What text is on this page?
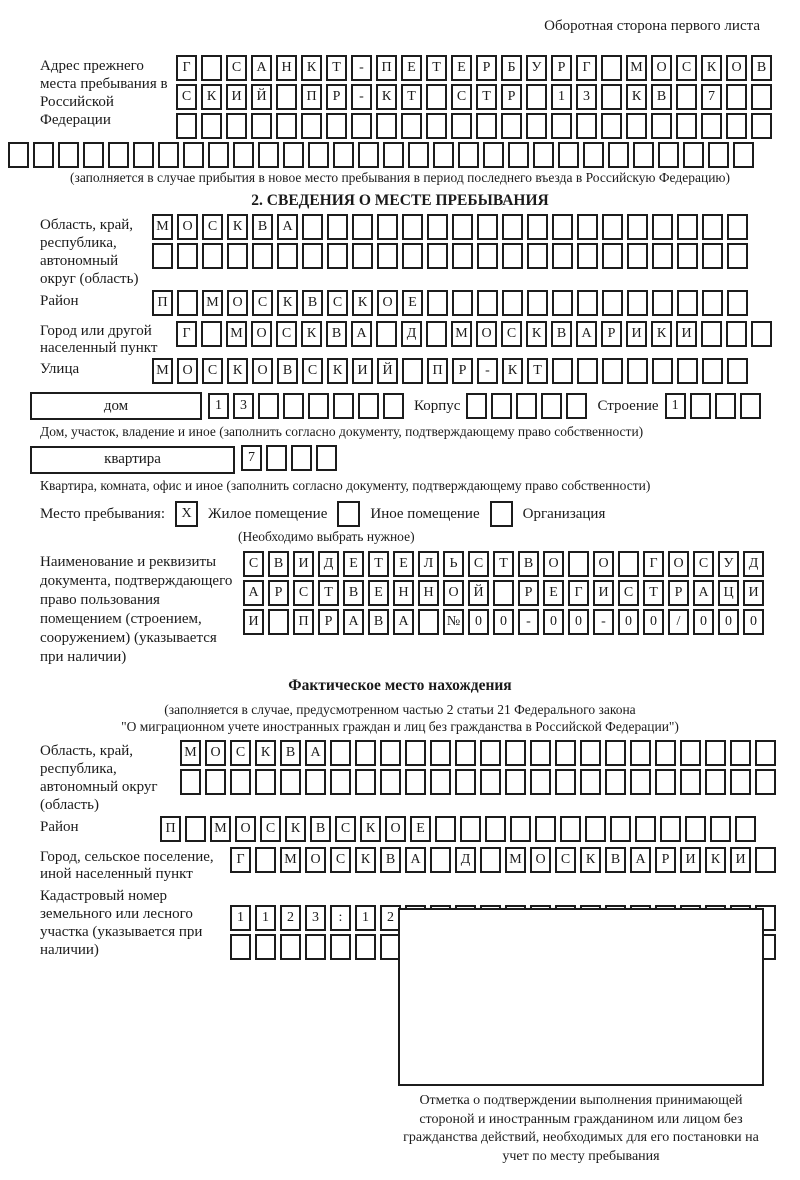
Оборотная сторона первого листа
Адрес прежнего места пребывания в Российской Федерации
Г	С	А	Н	К	Т	-	П	Е	Т	Е	Р	Б	У	Р	Г	М О	С	К	О	В
С	К	И	Й	П	Р	-	К	Т	С	Т	Р	1	3	К	В	7
(заполняется в случае прибытия в новое место пребывания в период последнего въезда в Российскую Федерацию)
2. СВЕДЕНИЯ О МЕСТЕ ПРЕБЫВАНИЯ
Область, край, республика, автономный округ (область)
М О	С	К	В	А
Район	П	М О	С	К	В	С	К	О	Е
Город или другой населенный пункт
Г	М О	С	К	В	А	Д	М О	С	К	В	А	Р	И	К	И
Улица	М О	С	К	О	В	С	К	И	Й	П	Р	-	К	Т
дом	1	3	Корпус	Строение 1
Дом, участок, владение и иное (заполнить согласно документу, подтверждающему право собственности)
квартира	7
Квартира, комната, офис и иное (заполнить согласно документу, подтверждающему право собственности)
Место пребывания:	X	Жилое помещение	Иное помещение	Организация
(Необходимо выбрать нужное)
Наименование и реквизиты документа, подтверждающего право пользования помещением (строением, сооружением) (указывается при наличии)
С	В	И	Д	Е	Т	Е	Л	Ь	С	Т	В	О	О	Г	О	С	У	Д
А	Р	С	Т	В	Е	Н	Н	О	Й	Р	Е	Г	И	С	Т	Р	А	Ц	И
И	П	Р	А	В	А	№	0	0	-	0	0	-	0	0	/	0	0	0
Фактическое место нахождения
(заполняется в случае, предусмотренном частью 2 статьи 21 Федерального закона
"О миграционном учете иностранных граждан и лиц без гражданства в Российской Федерации")
Область, край, республика, автономный округ (область)
М О	С	К	В	А
Район	П	М О	С	К	В	С	К	О	Е
Город, сельское поселение, иной населенный пункт
Г	М О	С	К	В	А	Д	М О	С	К	В	А	Р	И	К	И
Кадастровый номер земельного или лесного участка (указывается при наличии)
1	1	2	3	:	1	2
Отметка о подтверждении выполнения принимающей стороной и иностранным гражданином или лицом без гражданства действий, необходимых для его постановки на учет по месту пребывания
